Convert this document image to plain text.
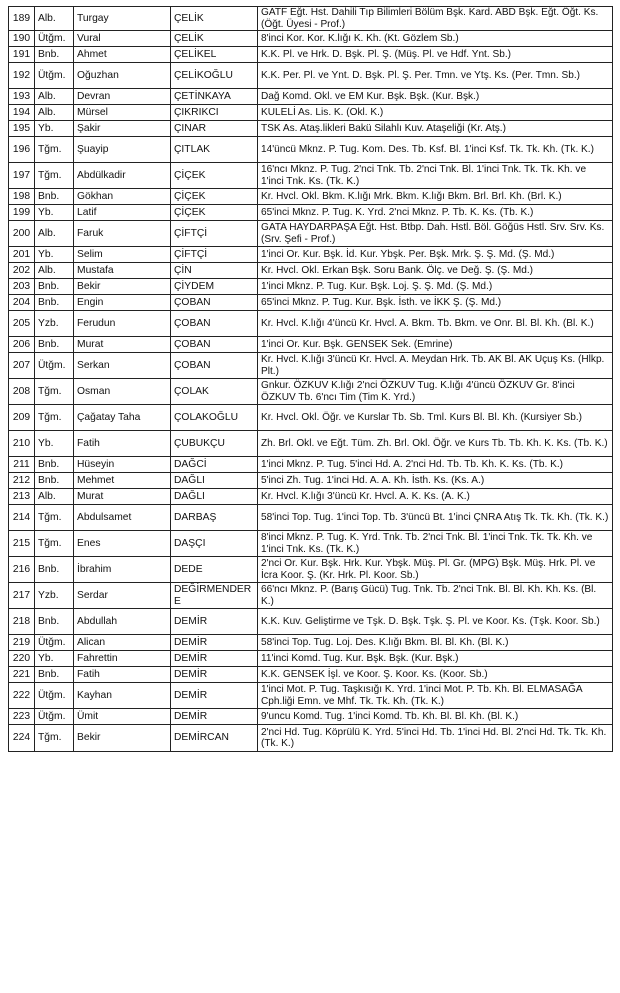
189	Alb.	Turgay	ÇELİK	GATF Eğt. Hst. Dahili Tıp Bilimleri Bölüm Bşk. Kard. ABD Bşk. Eğt. Öğt. Ks. (Öğt. Üyesi - Prof.)
190	Ütğm.	Vural	ÇELİK	8'inci Kor. Kor. K.lığı K. Kh. (Kt. Gözlem Sb.)
191	Bnb.	Ahmet	ÇELİKEL	K.K. Pl. ve Hrk. D. Bşk. Pl. Ş. (Müş. Pl. ve Hdf. Ynt. Sb.)
192	Ütğm.	Oğuzhan	ÇELİKOĞLU	K.K. Per. Pl. ve Ynt. D. Bşk. Pl. Ş. Per. Tmn. ve Ytş. Ks. (Per. Tmn. Sb.)
193	Alb.	Devran	ÇETİNKAYA	Dağ Komd. Okl. ve EM Kur. Bşk. Bşk. (Kur. Bşk.)
194	Alb.	Mürsel	ÇIKRIKCI	KULELİ As. Lis. K. (Okl. K.)
195	Yb.	Şakir	ÇINAR	TSK As. Ataş.likleri Bakü Silahlı Kuv. Ataşeliği (Kr. Atş.)
196	Tğm.	Şuayip	ÇITLAK	14'üncü Mknz. P. Tug. Kom. Des. Tb. Ksf. Bl. 1'inci Ksf. Tk. Tk. Kh. (Tk. K.)
197	Tğm.	Abdülkadir	ÇİÇEK	16'ncı Mknz. P. Tug. 2'nci Tnk. Tb. 2'nci Tnk. Bl. 1'inci Tnk. Tk. Tk. Kh. ve 1'inci Tnk. Ks. (Tk. K.)
198	Bnb.	Gökhan	ÇİÇEK	Kr. Hvcl. Okl. Bkm. K.lığı Mrk. Bkm. K.lığı Bkm. Brl. Brl. Kh. (Brl. K.)
199	Yb.	Latif	ÇİÇEK	65'inci Mknz. P. Tug. K. Yrd. 2'nci Mknz. P. Tb. K. Ks. (Tb. K.)
200	Alb.	Faruk	ÇİFTÇİ	GATA HAYDARPAŞA Eğt. Hst. Btbp. Dah. Hstl. Böl. Göğüs Hstl. Srv. Srv. Ks. (Srv. Şefi - Prof.)
201	Yb.	Selim	ÇİFTÇİ	1'inci Or. Kur. Bşk. İd. Kur. Ybşk. Per. Bşk. Mrk. Ş. Ş. Md. (Ş. Md.)
202	Alb.	Mustafa	ÇİN	Kr. Hvcl. Okl. Erkan Bşk. Soru Bank. Ölç. ve Değ. Ş. (Ş. Md.)
203	Bnb.	Bekir	ÇİYDEM	1'inci Mknz. P. Tug. Kur. Bşk. Loj. Ş. Ş. Md. (Ş. Md.)
204	Bnb.	Engin	ÇOBAN	65'inci Mknz. P. Tug. Kur. Bşk. İsth. ve İKK Ş. (Ş. Md.)
205	Yzb.	Ferudun	ÇOBAN	Kr. Hvcl. K.lığı 4'üncü Kr. Hvcl. A. Bkm. Tb. Bkm. ve Onr. Bl. Bl. Kh. (Bl. K.)
206	Bnb.	Murat	ÇOBAN	1'inci Or. Kur. Bşk. GENSEK Sek. (Emrine)
207	Ütğm.	Serkan	ÇOBAN	Kr. Hvcl. K.lığı 3'üncü Kr. Hvcl. A. Meydan Hrk. Tb. AK Bl. AK Uçuş Ks. (Hlkp. Plt.)
208	Tğm.	Osman	ÇOLAK	Gnkur. ÖZKUV K.lığı 2'nci ÖZKUV Tug. K.lığı 4'üncü ÖZKUV Gr. 8'inci ÖZKUV Tb. 6'ncı Tim (Tim K. Yrd.)
209	Tğm.	Çağatay Taha	ÇOLAKOĞLU	Kr. Hvcl. Okl. Öğr. ve Kurslar Tb. Sb. Tml. Kurs Bl. Bl. Kh. (Kursiyer Sb.)
210	Yb.	Fatih	ÇUBUKÇU	Zh. Brl. Okl. ve Eğt. Tüm. Zh. Brl. Okl. Öğr. ve Kurs Tb. Tb. Kh. K. Ks. (Tb. K.)
211	Bnb.	Hüseyin	DAĞCİ	1'inci Mknz. P. Tug. 5'inci Hd. A. 2'nci Hd. Tb. Tb. Kh. K. Ks. (Tb. K.)
212	Bnb.	Mehmet	DAĞLI	5'inci Zh. Tug. 1'inci Hd. A. A. Kh. İsth. Ks. (Ks. A.)
213	Alb.	Murat	DAĞLI	Kr. Hvcl. K.lığı 3'üncü Kr. Hvcl. A. K. Ks. (A. K.)
214	Tğm.	Abdulsamet	DARBAŞ	58'inci Top. Tug. 1'inci Top. Tb. 3'üncü Bt. 1'inci ÇNRA Atış Tk. Tk. Kh. (Tk. K.)
215	Tğm.	Enes	DAŞÇI	8'inci Mknz. P. Tug. K. Yrd. Tnk. Tb. 2'nci Tnk. Bl. 1'inci Tnk. Tk. Tk. Kh. ve 1'inci Tnk. Ks. (Tk. K.)
216	Bnb.	İbrahim	DEDE	2'nci Or. Kur. Bşk. Hrk. Kur. Ybşk. Müş. Pl. Gr. (MPG) Bşk. Müş. Hrk. Pl. ve İcra Koor. Ş. (Kr. Hrk. Pl. Koor. Sb.)
217	Yzb.	Serdar	DEĞİRMENDERE	66'ncı Mknz. P. (Barış Gücü) Tug. Tnk. Tb. 2'nci Tnk. Bl. Bl. Kh. Kh. Ks. (Bl. K.)
218	Bnb.	Abdullah	DEMİR	K.K. Kuv. Geliştirme ve Tşk. D. Bşk. Tşk. Ş. Pl. ve Koor. Ks. (Tşk. Koor. Sb.)
219	Ütğm.	Alican	DEMİR	58'inci Top. Tug. Loj. Des. K.lığı Bkm. Bl. Bl. Kh. (Bl. K.)
220	Yb.	Fahrettin	DEMİR	11'inci Komd. Tug. Kur. Bşk. Bşk. (Kur. Bşk.)
221	Bnb.	Fatih	DEMİR	K.K. GENSEK İşl. ve Koor. Ş. Koor. Ks. (Koor. Sb.)
222	Ütğm.	Kayhan	DEMİR	1'inci Mot. P. Tug. Taşkısığı K. Yrd. 1'inci Mot. P. Tb. Kh. Bl. ELMASAĞA Cph.liği Emn. ve Mhf. Tk. Tk. Kh. (Tk. K.)
223	Ütğm.	Ümit	DEMİR	9'uncu Komd. Tug. 1'inci Komd. Tb. Kh. Bl. Bl. Kh. (Bl. K.)
224	Tğm.	Bekir	DEMİRCAN	2'nci Hd. Tug. Köprülü K. Yrd. 5'inci Hd. Tb. 1'inci Hd. Bl. 2'nci Hd. Tk. Tk. Kh. (Tk. K.)
